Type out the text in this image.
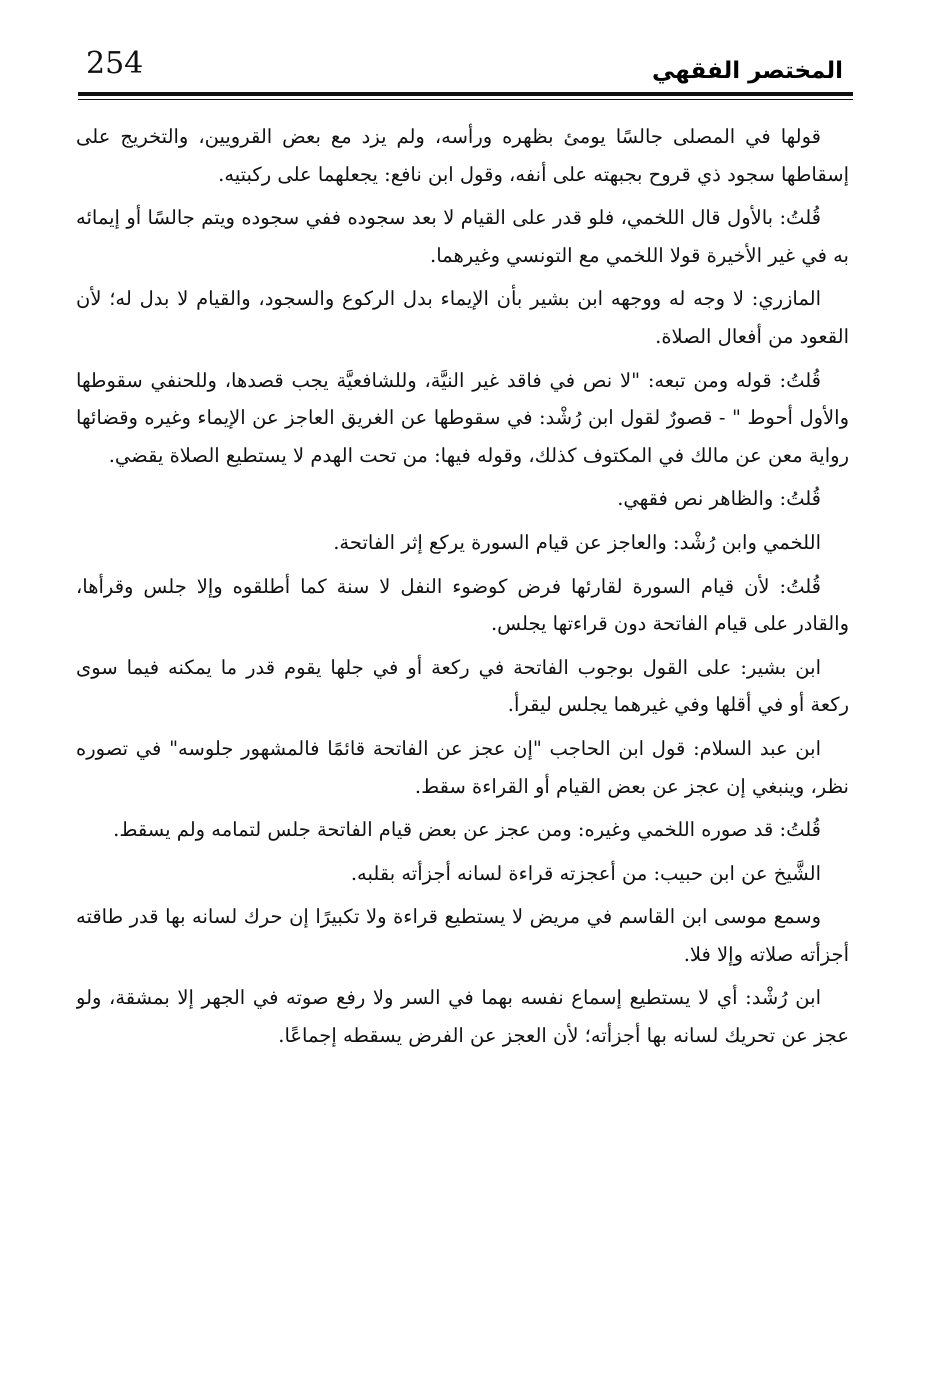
254	المختصر الفقهي

قولها في المصلى جالسًا يومئ بظهره ورأسه، ولم يزد مع بعض القرويين، والتخريج على إسقاطها سجود ذي قروح بجبهته على أنفه، وقول ابن نافع: يجعلهما على ركبتيه.

قُلتُ: بالأول قال اللخمي، فلو قدر على القيام لا بعد سجوده ففي سجوده ويتم جالسًا أو إيمائه به في غير الأخيرة قولا اللخمي مع التونسي وغيرهما.

المازري: لا وجه له ووجهه ابن بشير بأن الإيماء بدل الركوع والسجود، والقيام لا بدل له؛ لأن القعود من أفعال الصلاة.

قُلتُ: قوله ومن تبعه: "لا نص في فاقد غير النيَّة، وللشافعيَّة يجب قصدها، وللحنفي سقوطها والأول أحوط " - قصورٌ لقول ابن رُشْد: في سقوطها عن الغريق العاجز عن الإيماء وغيره وقضائها رواية معن عن مالك في المكتوف كذلك، وقوله فيها: من تحت الهدم لا يستطيع الصلاة يقضي.

قُلتُ: والظاهر نص فقهي.

اللخمي وابن رُشْد: والعاجز عن قيام السورة يركع إثر الفاتحة.

قُلتُ: لأن قيام السورة لقارئها فرض كوضوء النفل لا سنة كما أطلقوه وإلا جلس وقرأها، والقادر على قيام الفاتحة دون قراءتها يجلس.

ابن بشير: على القول بوجوب الفاتحة في ركعة أو في جلها يقوم قدر ما يمكنه فيما سوى ركعة أو في أقلها وفي غيرهما يجلس ليقرأ.

ابن عبد السلام: قول ابن الحاجب "إن عجز عن الفاتحة قائمًا فالمشهور جلوسه" في تصوره نظر، وينبغي إن عجز عن بعض القيام أو القراءة سقط.

قُلتُ: قد صوره اللخمي وغيره: ومن عجز عن بعض قيام الفاتحة جلس لتمامه ولم يسقط.

الشَّيخ عن ابن حبيب: من أعجزته قراءة لسانه أجزأته بقلبه.

وسمع موسى ابن القاسم في مريض لا يستطيع قراءة ولا تكبيرًا إن حرك لسانه بها قدر طاقته أجزأته صلاته وإلا فلا.

ابن رُشْد: أي لا يستطيع إسماع نفسه بهما في السر ولا رفع صوته في الجهر إلا بمشقة، ولو عجز عن تحريك لسانه بها أجزأته؛ لأن العجز عن الفرض يسقطه إجماعًا.
